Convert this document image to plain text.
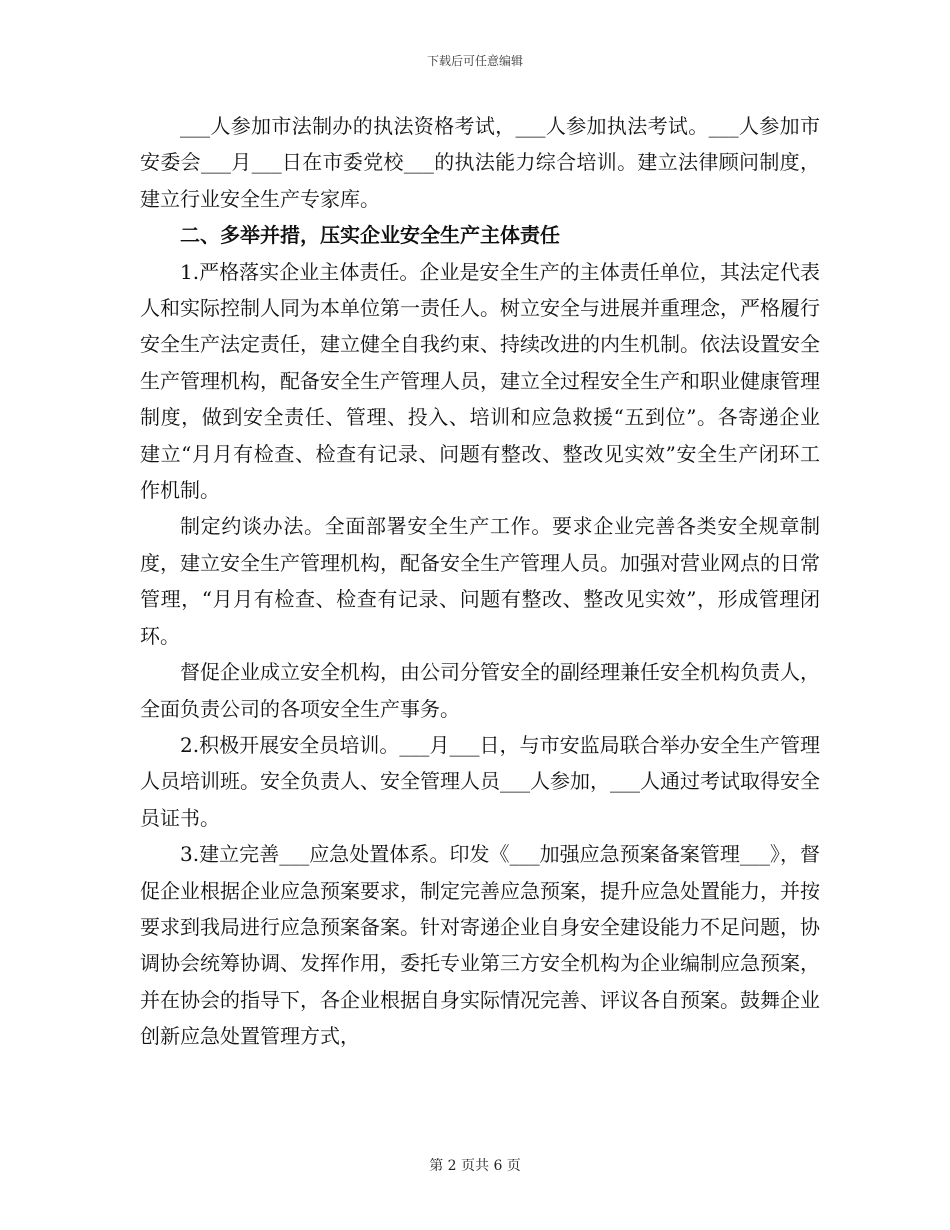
下载后可任意编辑

___人参加市法制办的执法资格考试，___人参加执法考试。___人参加市安委会___月___日在市委党校___的执法能力综合培训。建立法律顾问制度，建立行业安全生产专家库。

二、多举并措，压实企业安全生产主体责任

1.严格落实企业主体责任。企业是安全生产的主体责任单位，其法定代表人和实际控制人同为本单位第一责任人。树立安全与进展并重理念，严格履行安全生产法定责任，建立健全自我约束、持续改进的内生机制。依法设置安全生产管理机构，配备安全生产管理人员，建立全过程安全生产和职业健康管理制度，做到安全责任、管理、投入、培训和应急救援“五到位”。各寄递企业建立“月月有检查、检查有记录、问题有整改、整改见实效”安全生产闭环工作机制。

制定约谈办法。全面部署安全生产工作。要求企业完善各类安全规章制度，建立安全生产管理机构，配备安全生产管理人员。加强对营业网点的日常管理，“月月有检查、检查有记录、问题有整改、整改见实效”，形成管理闭环。

督促企业成立安全机构，由公司分管安全的副经理兼任安全机构负责人，全面负责公司的各项安全生产事务。

2.积极开展安全员培训。___月___日，与市安监局联合举办安全生产管理人员培训班。安全负责人、安全管理人员___人参加，___人通过考试取得安全员证书。

3.建立完善___应急处置体系。印发《___加强应急预案备案管理___》，督促企业根据企业应急预案要求，制定完善应急预案，提升应急处置能力，并按要求到我局进行应急预案备案。针对寄递企业自身安全建设能力不足问题，协调协会统筹协调、发挥作用，委托专业第三方安全机构为企业编制应急预案，并在协会的指导下，各企业根据自身实际情况完善、评议各自预案。鼓舞企业创新应急处置管理方式，

第 2 页共 6 页
